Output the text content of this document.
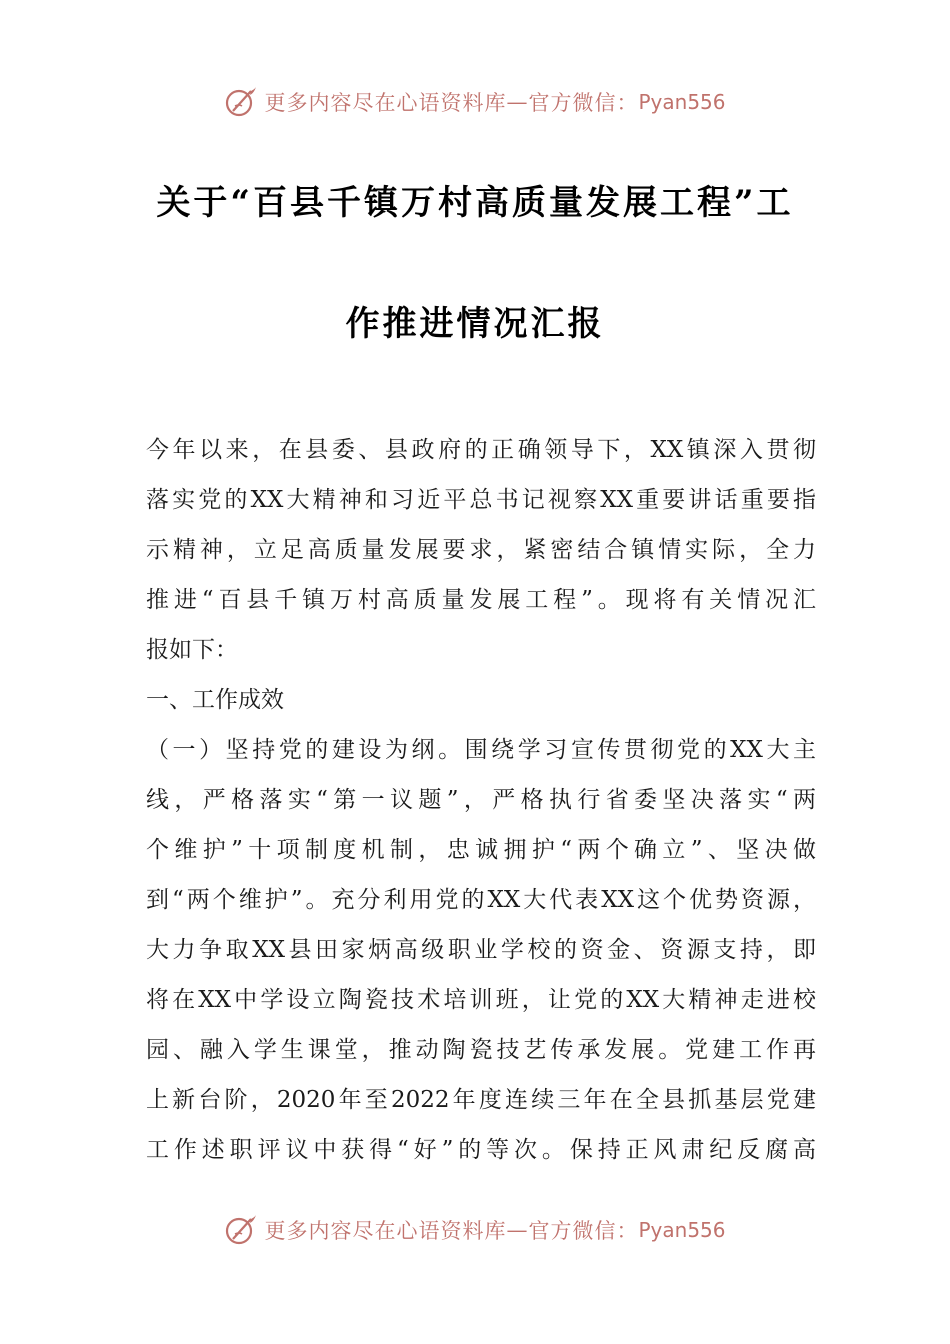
更多内容尽在心语资料库 — 官方微信： Pyan556
关于“百县千镇万村高质量发展工程”工
作推进情况汇报
今年以来，在县委、县政府的正确领导下，XX镇深入贯彻
落实党的XX大精神和习近平总书记视察XX重要讲话重要指
示精神，立足高质量发展要求，紧密结合镇情实际，全力
推进“百县千镇万村高质量发展工程”。现将有关情况汇
报如下：
一、工作成效
（一）坚持党的建设为纲。围绕学习宣传贯彻党的XX大主
线，严格落实“第一议题”，严格执行省委坚决落实“两
个维护”十项制度机制，忠诚拥护“两个确立”、坚决做
到“两个维护”。充分利用党的XX大代表XX这个优势资源，
大力争取XX县田家炳高级职业学校的资金、资源支持，即
将在XX中学设立陶瓷技术培训班，让党的XX大精神走进校
园、融入学生课堂，推动陶瓷技艺传承发展。党建工作再
上新台阶，2020年至2022年度连续三年在全县抓基层党建
工作述职评议中获得“好”的等次。保持正风肃纪反腐高
更多内容尽在心语资料库 — 官方微信： Pyan556
